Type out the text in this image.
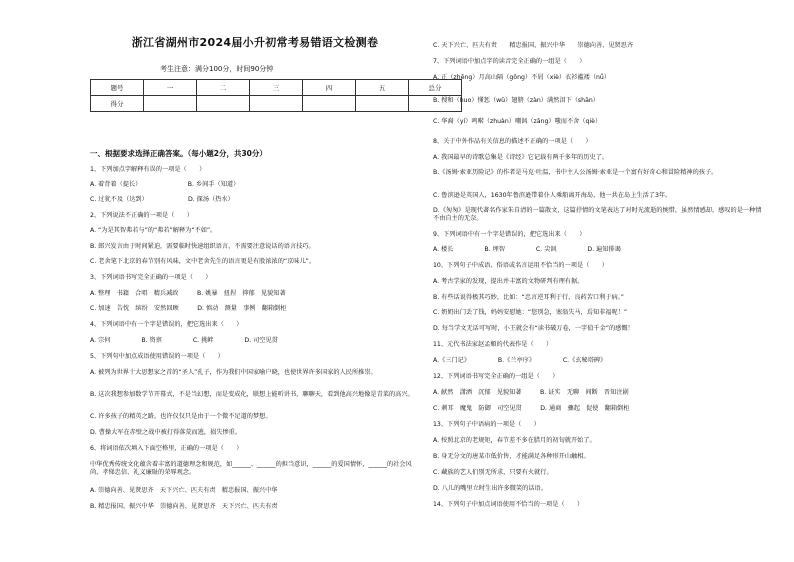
浙江省湖州市2024届小升初常考易错语文检测卷
考生注意：满分100分，时间90分钟
题号	一	二	三	四	五	总分
得分						
一、根据要求选择正确答案。（每小题2分，共30分）
1、下列加点字解释有误的一项是（　　）
A. 着背着（提长）　　　　　　　　B. 乡间手（知道）
C. 过犹不及（达到）　　　　　　　D. 探汤（热水）
2、下列说法不正确的一项是（　　）
A. “为是其智弗若与”的“弗若”解释为“不如”。
B. 郎兴发言由于时间紧迫，需要临时快速组织语言，不需要注意说话的语言技巧。
C. 老舍笔下北京的春节别有风味，文中老舍先生的语言更是有股浓浓的“京味儿”。
3、下列词语书写完全正确的一项是（　　）
A. 整理　书籍　合唱　精兵减政　　　B. 姚暴　扭捏　抑郁　见貌知著
C. 加速　告忱　缤纷　安然回顾　　　D. 慎动　测量　事例　翻箱倒柜
4、下列词语中有一个字是错误的，把它选出来（　　）
A. 宗何　　　　　B. 资禀　　　　　C. 挑衅　　　　　D. 司空见贯
5、下列句中加点成语使用错误的一项是（　　）
A. 被列为世界十大思想家之首的“圣人”孔子，作为我们中国家喻户晓，也使世界许多国家的人民所推崇。
B. 这次我想参加数学节开幕式，不是当幻想，而是变成化，联想上能听讲书，聊聊天，看到他高兴地像是青菜的高兴。
C. 许多孩子的精英之路，也许仅仅只是由于一个微不足道的梦想。
D. 曹操大军在赤壁之战中被打得落荒而逃，损失惨重。
6、将词语依次填入下面空格里，正确的一项是（　　）
中华优秀传统文化蕴含着丰富的道德理念和规范，如______、______的担当意识，______的爱国情怀，______的社会风尚，孝悌忠信、礼义廉耻的荣辱观念。
A. 崇德向善、见贤思齐　天下兴亡、匹夫有责　精忠报国、振兴中华
B. 精忠报国、振兴中华　崇德向善、见贤思齐　天下兴亡、匹夫有责
C. 天下兴亡、匹夫有责　　精忠报国、振兴中华　　崇德向善、见贤思齐
7、下列词语中加点字的读音完全正确的一组是（　　）
A. 正（zhēng）月高山隔（gōng）不屑（xiè）衣衫褴褛（nǚ）
B. 搜和（huo）懂惩（wǔ）翅膀（zàn）满然泪下（shān）
C. 华裔（yí）鸣啭（zhuàn）嘲讽（zāng）嗤而不舍（qiè）
8、关于中外作品有关信息的描述不正确的一项是（　　）
A. 我国最早的诗歌总集是《诗经》它记载有两千多年的历史了。
B.《汤姆·索亚历险记》的作者是马克·吐温，书中主人公汤姆·索亚是一个富有好奇心和冒险精神的孩子。
C. 鲁滨逊是英国人，1630年鲁滨逊带着仆人乘船离开海岛，他一共在岛上生活了3年。
D.《匆匆》是现代著名作家朱自清的一篇散文，这篇抒情的文笔表达了对时光流逝的惋惜，虽然情感却，感叹的是一种情不由自主的无奈。
9、下列词语中有一个字是错误的，把它选出来（　　）
A. 楼长　　　　　B. 埋智　　　　　C. 尖讽　　　　　D. 遍知排谒
10、下列句子中成语、俗语或名言运用不恰当的一项是（　　）
A. 考古学家的发现，提出并丰富的文物研判有理有据。
B. 有些话说得极其巧妙，比如：“忠言逆耳利于行，良药苦口利于病。”
C. 奶奶出门丢了钱，妈妈安慰她：“您别急，塞翁失马，焉知非福呢！”
D. 每当学文无话可写时，小王就会有“读书破万卷，一字值千金”的感慨！
11、元代书法家赵孟頫的代表作是（　　）
A.《三门记》　　　　　B.《兰亭序》　　　　　C.《玄秘塔碑》
12、下列词语书写完全正确的一组是（　　）
A. 献然　潇洒　沉郁　见貌知著　　　B. 证实　无聊　间断　晋知注剧
C. 刺耳　魔鬼　防御　司空见贯　　　D. 通商　骤起　促使　翻箱倒柜
13、下列句子中语病的一项是（　　）
A. 按照北京的老规矩，春节差不多在腊月的初旬就开始了。
B. 身无分文的唐某市低价售，才能满足各种形开山触相。
C. 藏族的艺人们别无所求，只要有火就行。
D. 八儿的嘴里立时生出许多微笑的话语。
14、下列句子中加点词语使用不恰当的一项是（　　）
